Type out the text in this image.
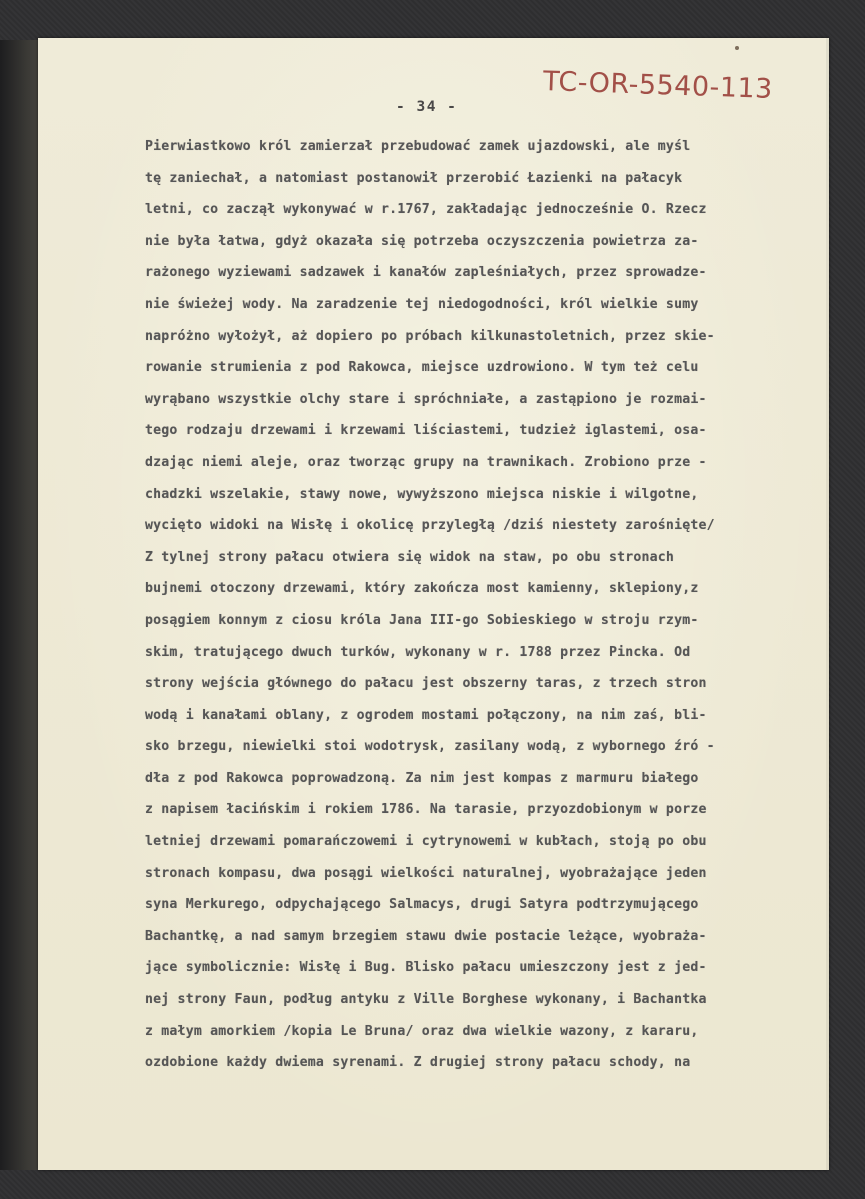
TC-OR-5540-113
- 34 -
Pierwiastkowo król zamierzał przebudować zamek ujazdowski, ale myśl
tę zaniechał, a natomiast postanowił przerobić Łazienki na pałacyk
letni, co zaczął wykonywać w r.1767, zakładając jednocześnie O. Rzecz
nie była łatwa, gdyż okazała się potrzeba oczyszczenia powietrza za-
rażonego wyziewami sadzawek i kanałów zapleśniałych, przez sprowadze-
nie świeżej wody. Na zaradzenie tej niedogodności, król wielkie sumy
napróżno wyłożył, aż dopiero po próbach kilkunastoletnich, przez skie-
rowanie strumienia z pod Rakowca, miejsce uzdrowiono. W tym też celu
wyrąbano wszystkie olchy stare i spróchniałe, a zastąpiono je rozmai-
tego rodzaju drzewami i krzewami liściastemi, tudzież iglastemi, osa-
dzając niemi aleje, oraz tworząc grupy na trawnikach. Zrobiono prze -
chadzki wszelakie, stawy nowe, wywyższono miejsca niskie i wilgotne,
wycięto widoki na Wisłę i okolicę przyległą /dziś niestety zarośnięte/
Z tylnej strony pałacu otwiera się widok na staw, po obu stronach
bujnemi otoczony drzewami, który zakończa most kamienny, sklepiony,z
posągiem konnym z ciosu króla Jana III-go Sobieskiego w stroju rzym-
skim, tratującego dwuch turków, wykonany w r. 1788 przez Pincka. Od
strony wejścia głównego do pałacu jest obszerny taras, z trzech stron
wodą i kanałami oblany, z ogrodem mostami połączony, na nim zaś, bli-
sko brzegu, niewielki stoi wodotrysk, zasilany wodą, z wybornego źró -
dła z pod Rakowca poprowadzoną. Za nim jest kompas z marmuru białego
z napisem łacińskim i rokiem 1786. Na tarasie, przyozdobionym w porze
letniej drzewami pomarańczowemi i cytrynowemi w kubłach, stoją po obu
stronach kompasu, dwa posągi wielkości naturalnej, wyobrażające jeden
syna Merkurego, odpychającego Salmacys, drugi Satyra podtrzymującego
Bachantkę, a nad samym brzegiem stawu dwie postacie leżące, wyobraża-
jące symbolicznie: Wisłę i Bug. Blisko pałacu umieszczony jest z jed-
nej strony Faun, podług antyku z Ville Borghese wykonany, i Bachantka
z małym amorkiem /kopia Le Bruna/ oraz dwa wielkie wazony, z kararu,
ozdobione każdy dwiema syrenami. Z drugiej strony pałacu schody, na
